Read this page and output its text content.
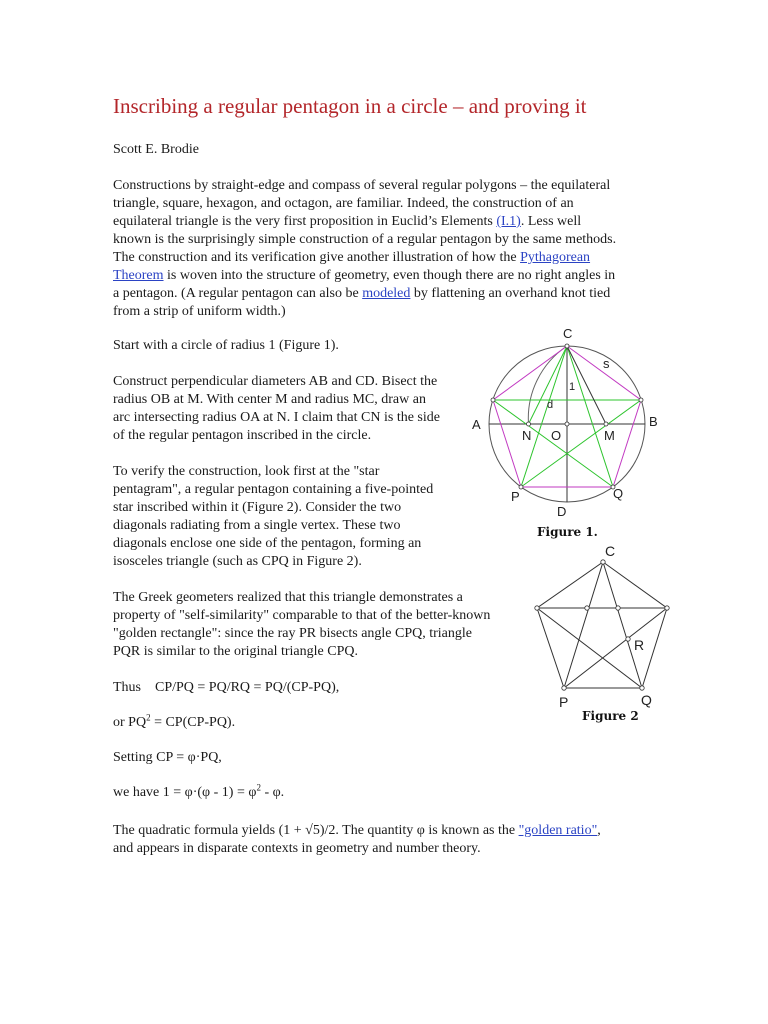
Inscribing a regular pentagon in a circle – and proving it

Scott E. Brodie

Constructions by straight-edge and compass of several regular polygons – the equilateral

triangle, square, hexagon, and octagon, are familiar. Indeed, the construction of an

equilateral triangle is the very first proposition in Euclid’s Elements (I.1). Less well

known is the surprisingly simple construction of a regular pentagon by the same methods.

The construction and its verification give another illustration of how the Pythagorean

Theorem is woven into the structure of geometry, even though there are no right angles in

a pentagon. (A regular pentagon can also be modeled by flattening an overhand knot tied

from a strip of uniform width.)

Start with a circle of radius 1 (Figure 1).

Construct perpendicular diameters AB and CD. Bisect the

radius OB at M. With center M and radius MC, draw an

arc intersecting radius OA at N. I claim that CN is the side

of the regular pentagon inscribed in the circle.

To verify the construction, look first at the "star

pentagram", a regular pentagon containing a five-pointed

star inscribed within it (Figure 2). Consider the two

diagonals radiating from a single vertex. These two

diagonals enclose one side of the pentagon, forming an

isosceles triangle (such as CPQ in Figure 2).

The Greek geometers realized that this triangle demonstrates a

property of "self-similarity" comparable to that of the better-known

"golden rectangle": since the ray PR bisects angle CPQ, triangle

PQR is similar to the original triangle CPQ.

Thus    CP/PQ = PQ/RQ = PQ/(CP-PQ),

or $PQ^2 = CP(CP-PQ)$.

Setting CP = φ·PQ,

we have $1 = \varphi\cdot(\varphi - 1) = \varphi^2 - \varphi$.

The quadratic formula yields (1 + √5)/2. The quantity φ is known as the "golden ratio",

and appears in disparate contexts in geometry and number theory.

C
A	B
D
N O	M
P	Q
s
d
1
Figure 1.
C
R
P	Q
Figure 2
